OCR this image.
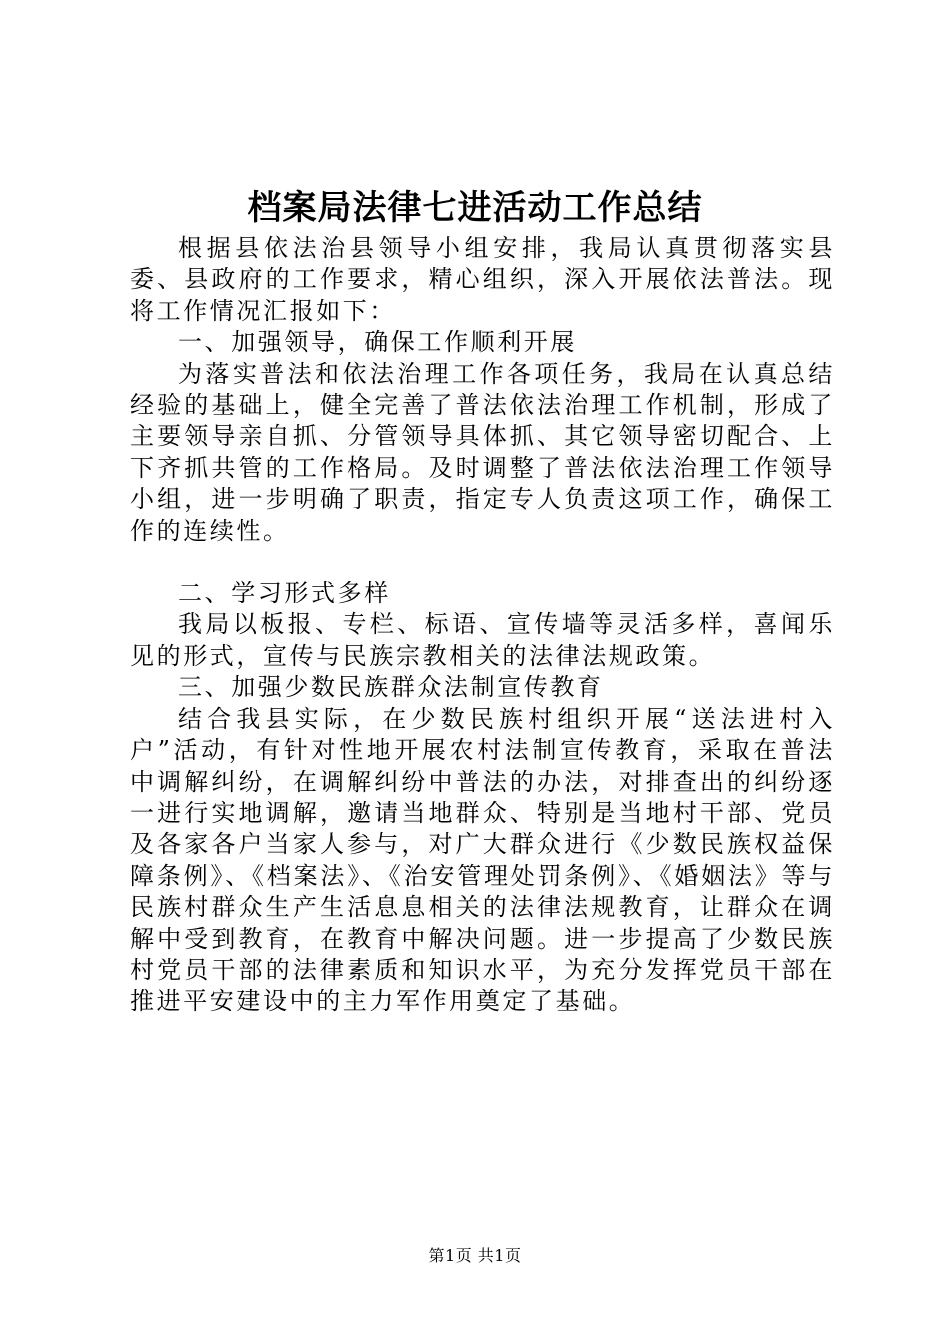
档案局法律七进活动工作总结

根据县依法治县领导小组安排，我局认真贯彻落实县委、县政府的工作要求，精心组织，深入开展依法普法。现将工作情况汇报如下：

一、加强领导，确保工作顺利开展

为落实普法和依法治理工作各项任务，我局在认真总结经验的基础上，健全完善了普法依法治理工作机制，形成了主要领导亲自抓、分管领导具体抓、其它领导密切配合、上下齐抓共管的工作格局。及时调整了普法依法治理工作领导小组，进一步明确了职责，指定专人负责这项工作，确保工作的连续性。

二、学习形式多样

我局以板报、专栏、标语、宣传墙等灵活多样，喜闻乐见的形式，宣传与民族宗教相关的法律法规政策。

三、加强少数民族群众法制宣传教育

结合我县实际，在少数民族村组织开展“送法进村入户”活动，有针对性地开展农村法制宣传教育，采取在普法中调解纠纷，在调解纠纷中普法的办法，对排查出的纠纷逐一进行实地调解，邀请当地群众、特别是当地村干部、党员及各家各户当家人参与，对广大群众进行《少数民族权益保障条例》、《档案法》、《治安管理处罚条例》、《婚姻法》等与民族村群众生产生活息息相关的法律法规教育，让群众在调解中受到教育，在教育中解决问题。进一步提高了少数民族村党员干部的法律素质和知识水平，为充分发挥党员干部在推进平安建设中的主力军作用奠定了基础。

第1页 共1页
